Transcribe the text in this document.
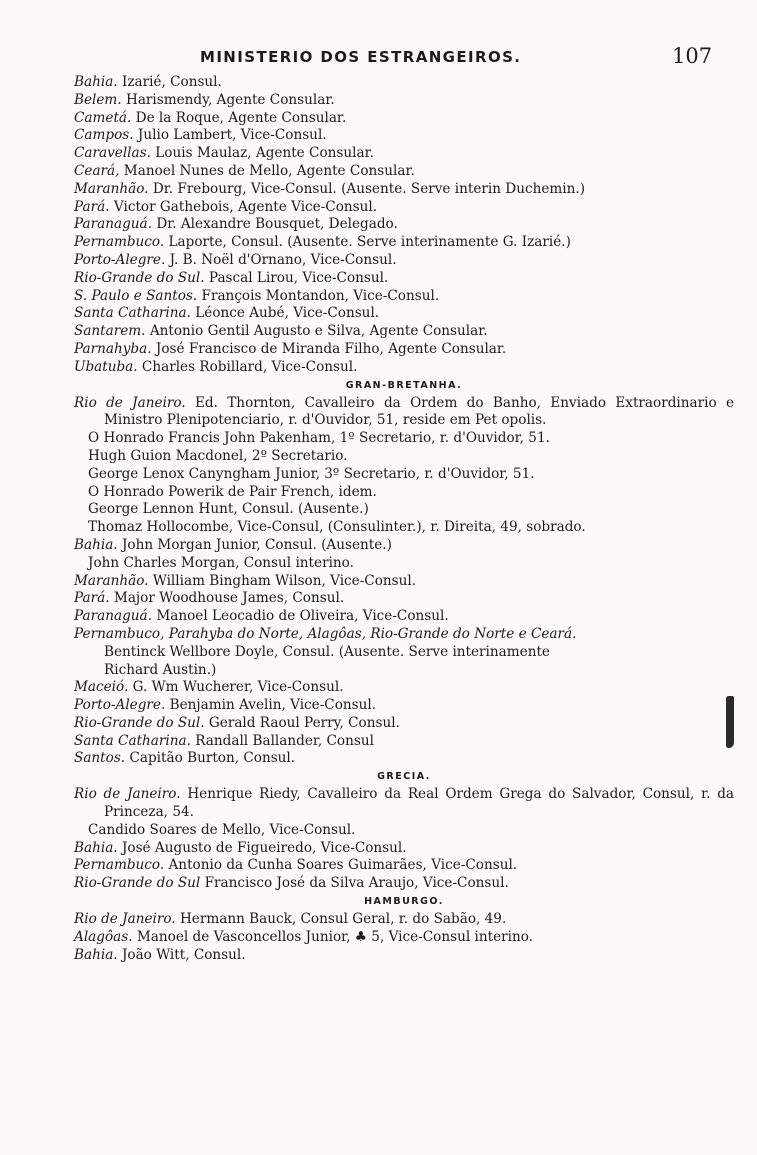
MINISTERIO DOS ESTRANGEIROS.	107
Bahia. Izarié, Consul.
Belem. Harismendy, Agente Consular.
Cametá. De la Roque, Agente Consular.
Campos. Julio Lambert, Vice-Consul.
Caravellas. Louis Maulaz, Agente Consular.
Ceará, Manoel Nunes de Mello, Agente Consular.
Maranhão. Dr. Frebourg, Vice-Consul. (Ausente. Serve interin Duchemin.)
Pará. Victor Gathebois, Agente Vice-Consul.
Paranaguá. Dr. Alexandre Bousquet, Delegado.
Pernambuco. Laporte, Consul. (Ausente. Serve interinamente G. Izarié.)
Porto-Alegre. J. B. Noël d'Ornano, Vice-Consul.
Rio-Grande do Sul. Pascal Lirou, Vice-Consul.
S. Paulo e Santos. François Montandon, Vice-Consul.
Santa Catharina. Léonce Aubé, Vice-Consul.
Santarem. Antonio Gentil Augusto e Silva, Agente Consular.
Parnahyba. José Francisco de Miranda Filho, Agente Consular.
Ubatuba. Charles Robillard, Vice-Consul.
GRAN-BRETANHA.
Rio de Janeiro. Ed. Thornton, Cavalleiro da Ordem do Banho, Enviado Extraordinario e Ministro Plenipotenciario, r. d'Ouvidor, 51, reside em Pet opolis.
O Honrado Francis John Pakenham, 1º Secretario, r. d'Ouvidor, 51.
Hugh Guion Macdonel, 2º Secretario.
George Lenox Canyngham Junior, 3º Secretario, r. d'Ouvidor, 51.
O Honrado Powerik de Pair French, idem.
George Lennon Hunt, Consul. (Ausente.)
Thomaz Hollocombe, Vice-Consul, (Consulinter.), r. Direita, 49, sobrado.
Bahia. John Morgan Junior, Consul. (Ausente.)
John Charles Morgan, Consul interino.
Maranhão. William Bingham Wilson, Vice-Consul.
Pará. Major Woodhouse James, Consul.
Paranaguá. Manoel Leocadio de Oliveira, Vice-Consul.
Pernambuco, Parahyba do Norte, Alagôas, Rio-Grande do Norte e Ceará.
Bentinck Wellbore Doyle, Consul. (Ausente. Serve interinamente
Richard Austin.)
Maceió. G. Wm Wucherer, Vice-Consul.
Porto-Alegre. Benjamin Avelin, Vice-Consul.
Rio-Grande do Sul. Gerald Raoul Perry, Consul.
Santa Catharina. Randall Ballander, Consul
Santos. Capitão Burton, Consul.
GRECIA.
Rio de Janeiro. Henrique Riedy, Cavalleiro da Real Ordem Grega do Salvador, Consul, r. da Princeza, 54.
Candido Soares de Mello, Vice-Consul.
Bahia. José Augusto de Figueiredo, Vice-Consul.
Pernambuco. Antonio da Cunha Soares Guimarães, Vice-Consul.
Rio-Grande do Sul Francisco José da Silva Araujo, Vice-Consul.
HAMBURGO.
Rio de Janeiro. Hermann Bauck, Consul Geral, r. do Sabão, 49.
Alagôas. Manoel de Vasconcellos Junior, ♣ 5, Vice-Consul interino.
Bahia. João Witt, Consul.
